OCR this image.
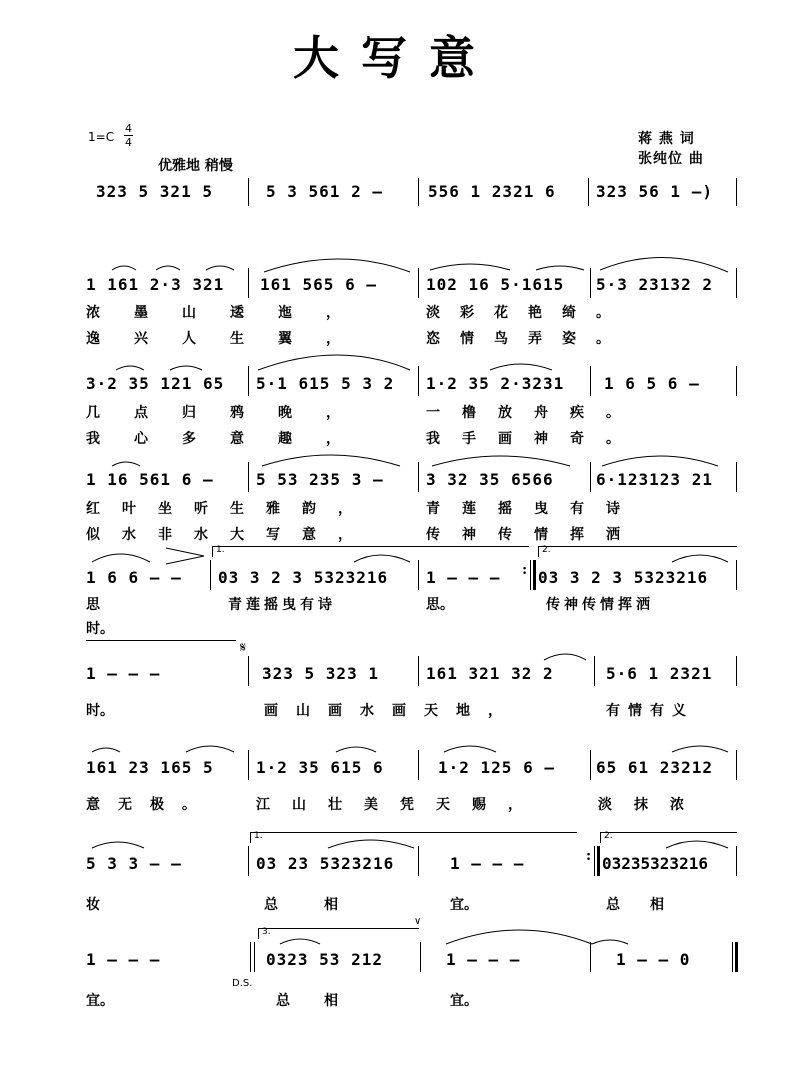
大写意
1=C
4
4
优雅地 稍慢
蒋 燕 词
张纯位 曲
323 5 321 5	5 3 561 2 –	556 1 2321 6	323 56 1 –)
1 161 2·3 321 161 565 6 –	102 16 5·1615 5·3 23132 2
浓墨山逶迤，	淡彩花艳绮。
逸兴人生翼，	恣情鸟弄姿。
3·2 35 121 65 5·1 615 5 3 2 1·2 35 2·3231 1 6 5 6 –
几点归鸦晚，	一橹放舟疾。
我心多意趣，	我手画神奇。
1 16 561 6 –	5 53 235 3 –	3 32 35 6566	6·123123 21
红叶坐听生雅韵，	青莲摇曳有诗
似水非水大写意，	传神传情挥洒
1.	2.
1 6 6 – – 03 3 2 3 5323216 1 – – – : 03 3 2 3 5323216
思	青莲摇曳有诗	思。	传神传情挥洒
时。
𝄋
1 – – –	323 5 323 1	161 321 32 2	5·6 1 2321
时。	画山画水画天地，	有情有义
161 23 165 5	1·2 35 615 6	1·2 125 6 –	65 61 23212
意无极。	江山壮美凭天赐，	淡抹浓
1.	2.
5 3 3 – –	03 23 5323216	1 – – –	: 03235323216
妆	总相	宜。	总相
3.
∨
1 – – –	0323 53 212	1 – – –	1 – – 0
D.S.
宜。	总相	宜。
